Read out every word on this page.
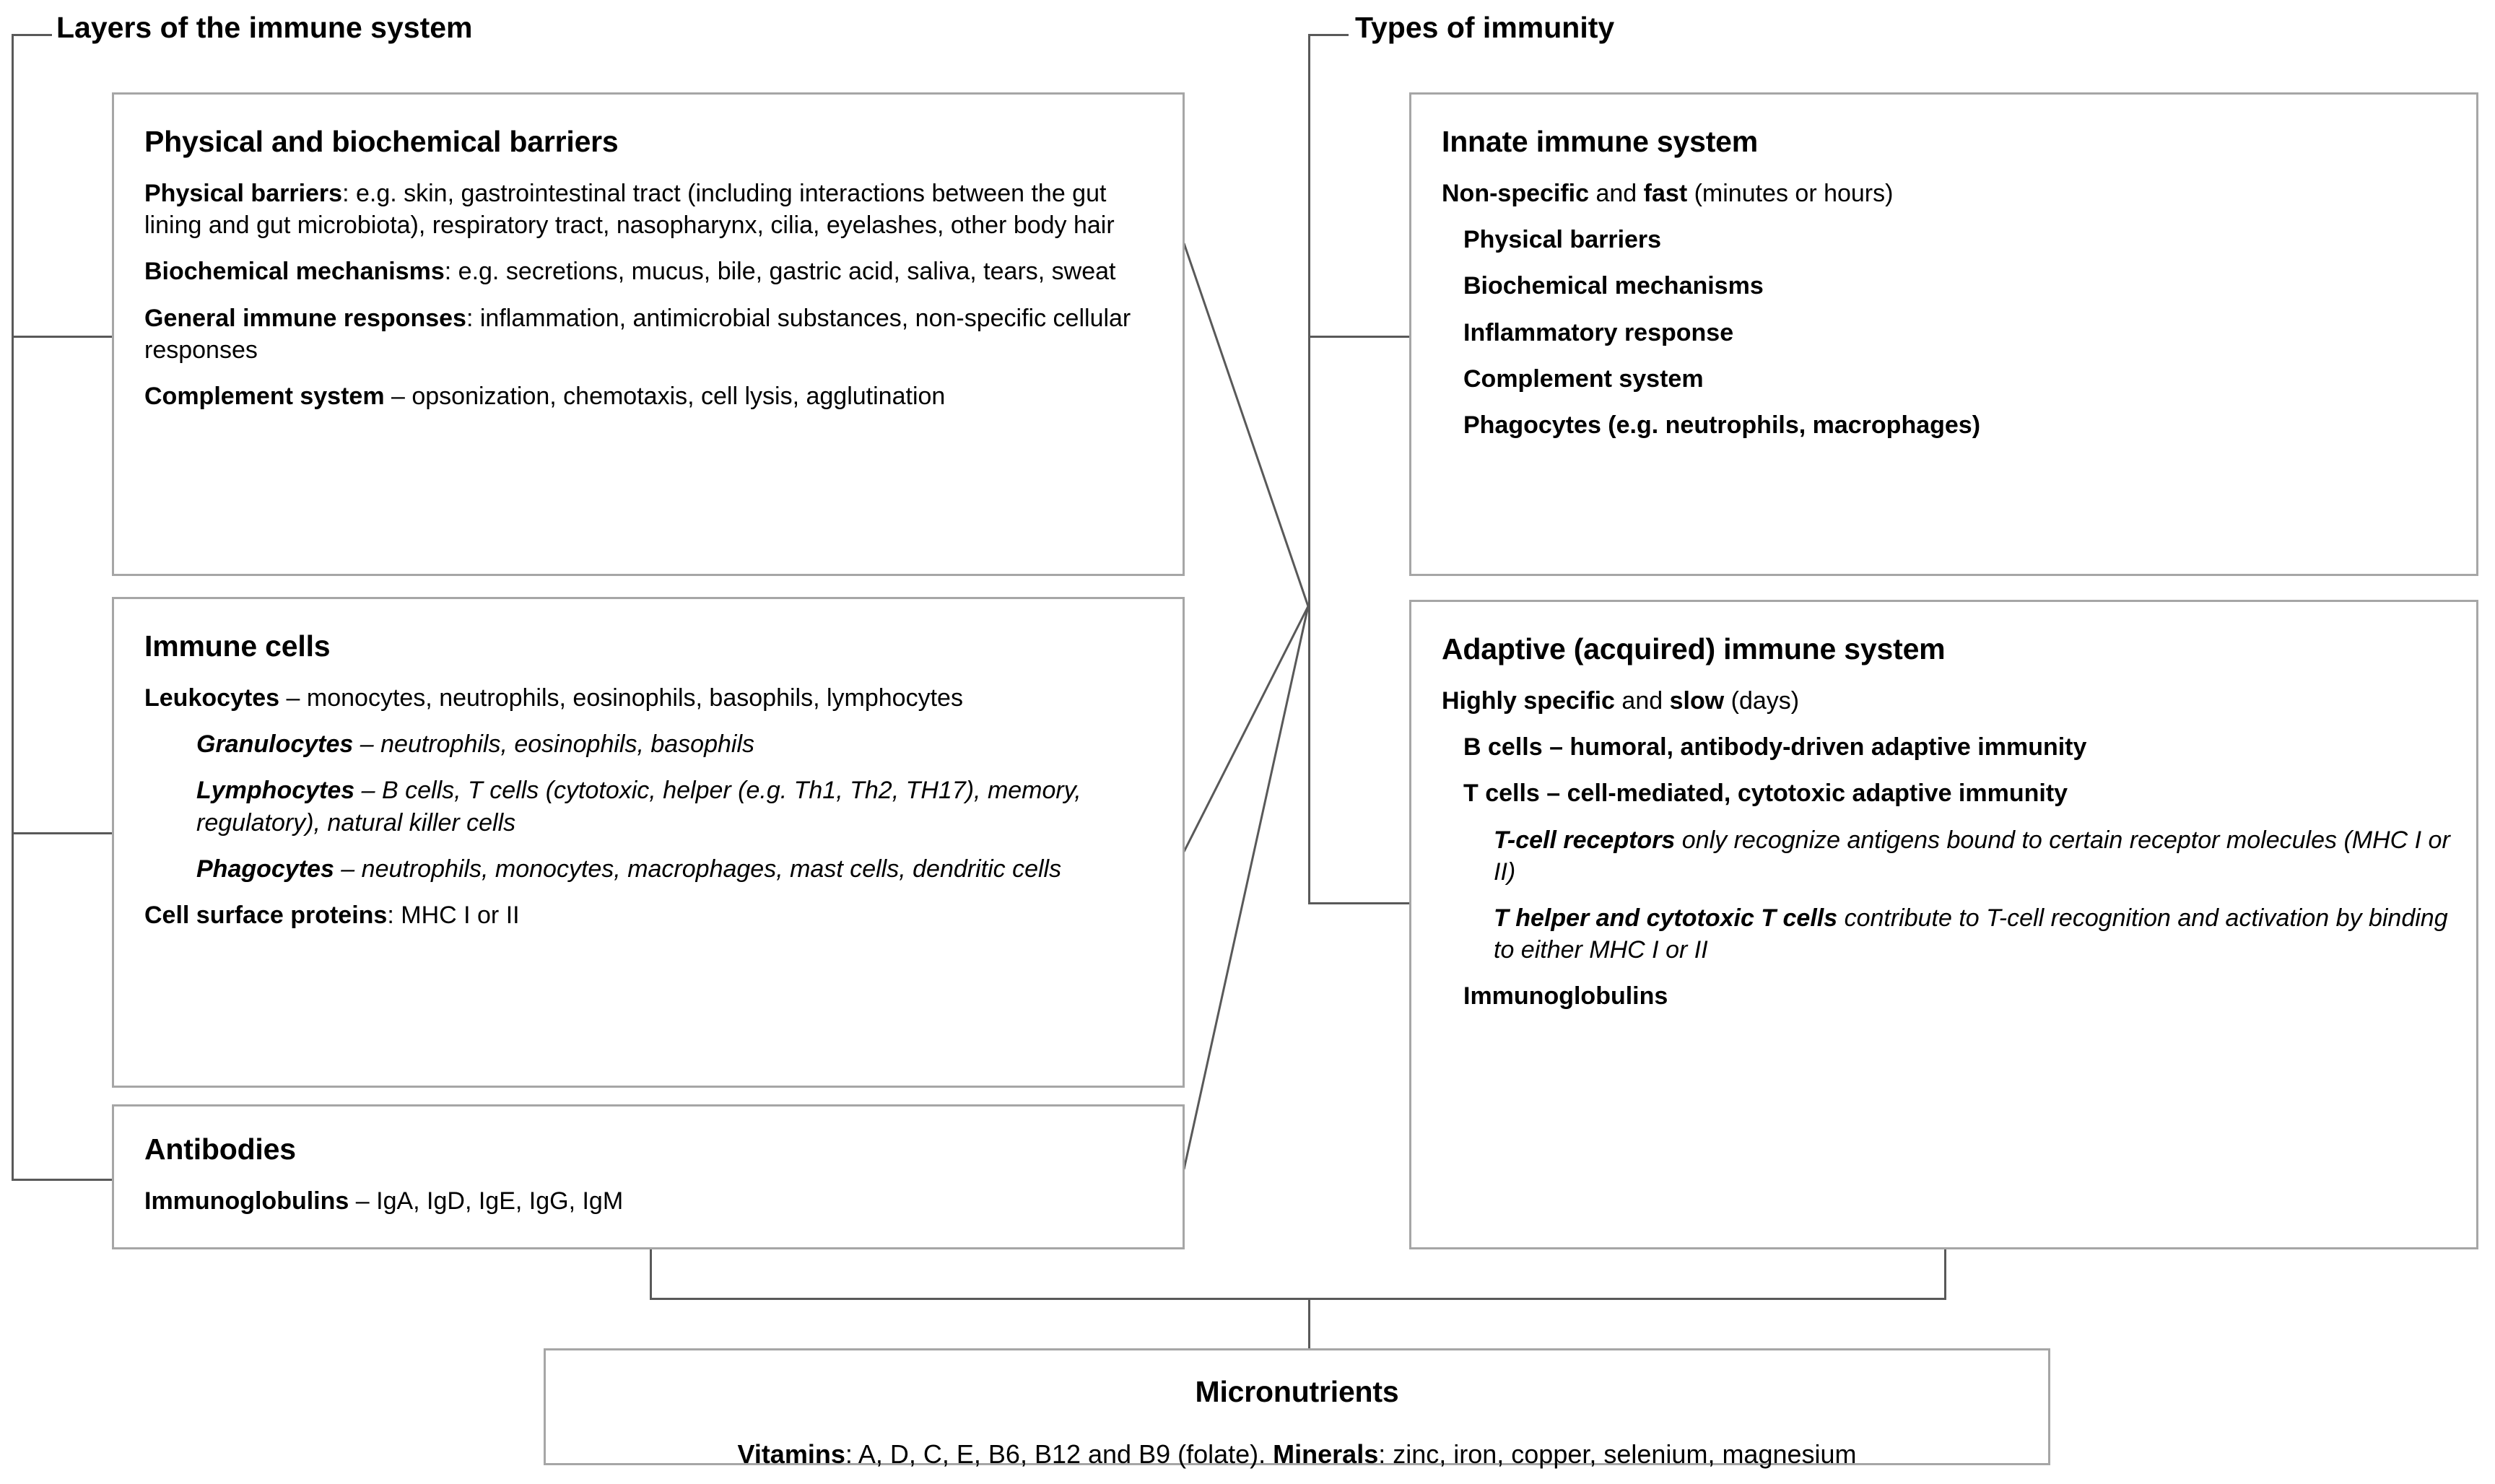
Layers of the immune system	Types of immunity
Physical and biochemical barriers
Physical barriers: e.g. skin, gastrointestinal tract (including interactions between the gut lining and gut microbiota), respiratory tract, nasopharynx, cilia, eyelashes, other body hair
Biochemical mechanisms: e.g. secretions, mucus, bile, gastric acid, saliva, tears, sweat
General immune responses: inflammation, antimicrobial substances, non-specific cellular responses
Complement system – opsonization, chemotaxis, cell lysis, agglutination
Immune cells
Leukocytes – monocytes, neutrophils, eosinophils, basophils, lymphocytes
Granulocytes – neutrophils, eosinophils, basophils
Lymphocytes – B cells, T cells (cytotoxic, helper (e.g. Th1, Th2, TH17), memory, regulatory), natural killer cells
Phagocytes – neutrophils, monocytes, macrophages, mast cells, dendritic cells
Cell surface proteins: MHC I or II
Antibodies
Immunoglobulins – IgA, IgD, IgE, IgG, IgM
Innate immune system
Non-specific and fast (minutes or hours)
Physical barriers
Biochemical mechanisms
Inflammatory response
Complement system
Phagocytes (e.g. neutrophils, macrophages)
Adaptive (acquired) immune system
Highly specific and slow (days)
B cells – humoral, antibody-driven adaptive immunity
T cells – cell-mediated, cytotoxic adaptive immunity
T-cell receptors only recognize antigens bound to certain receptor molecules (MHC I or II)
T helper and cytotoxic T cells contribute to T-cell recognition and activation by binding to either MHC I or II
Immunoglobulins
Micronutrients
Vitamins: A, D, C, E, B6, B12 and B9 (folate). Minerals: zinc, iron, copper, selenium, magnesium
